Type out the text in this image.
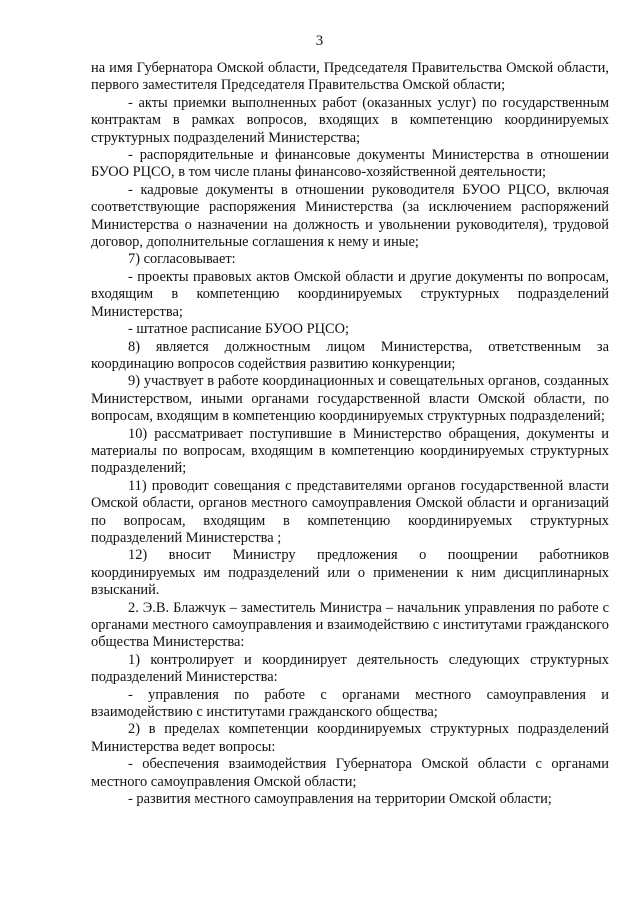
3

на имя Губернатора Омской области, Председателя Правительства Омской области, первого заместителя Председателя Правительства Омской области;

- акты приемки выполненных работ (оказанных услуг) по государственным контрактам в рамках вопросов, входящих в компетенцию координируемых структурных подразделений Министерства;

- распорядительные и финансовые документы Министерства в отношении БУОО РЦСО, в том числе планы финансово-хозяйственной деятельности;

- кадровые документы в отношении руководителя БУОО РЦСО, включая соответствующие распоряжения Министерства (за исключением распоряжений Министерства о назначении на должность и увольнении руководителя), трудовой договор, дополнительные соглашения к нему и иные;

7) согласовывает:

- проекты правовых актов Омской области и другие документы по вопросам, входящим в компетенцию координируемых структурных подразделений Министерства;

- штатное расписание БУОО РЦСО;

8) является должностным лицом Министерства, ответственным за координацию вопросов содействия развитию конкуренции;

9) участвует в работе координационных и совещательных органов, созданных Министерством, иными органами государственной власти Омской области, по вопросам, входящим в компетенцию координируемых структурных подразделений;

10) рассматривает поступившие в Министерство обращения, документы и материалы по вопросам, входящим в компетенцию координируемых структурных подразделений;

11) проводит совещания с представителями органов государственной власти Омской области, органов местного самоуправления Омской области и организаций по вопросам, входящим в компетенцию координируемых структурных подразделений Министерства ;

12) вносит Министру предложения о поощрении работников координируемых им подразделений или о применении к ним дисциплинарных взысканий.

2. Э.В. Блажчук – заместитель Министра – начальник управления по работе с органами местного самоуправления и взаимодействию с институтами гражданского общества Министерства:

1) контролирует и координирует деятельность следующих структурных подразделений Министерства:

- управления по работе с органами местного самоуправления и взаимодействию с институтами гражданского общества;

2) в пределах компетенции координируемых структурных подразделений Министерства ведет вопросы:

- обеспечения взаимодействия Губернатора Омской области с органами местного самоуправления Омской области;

- развития местного самоуправления на территории Омской области;
